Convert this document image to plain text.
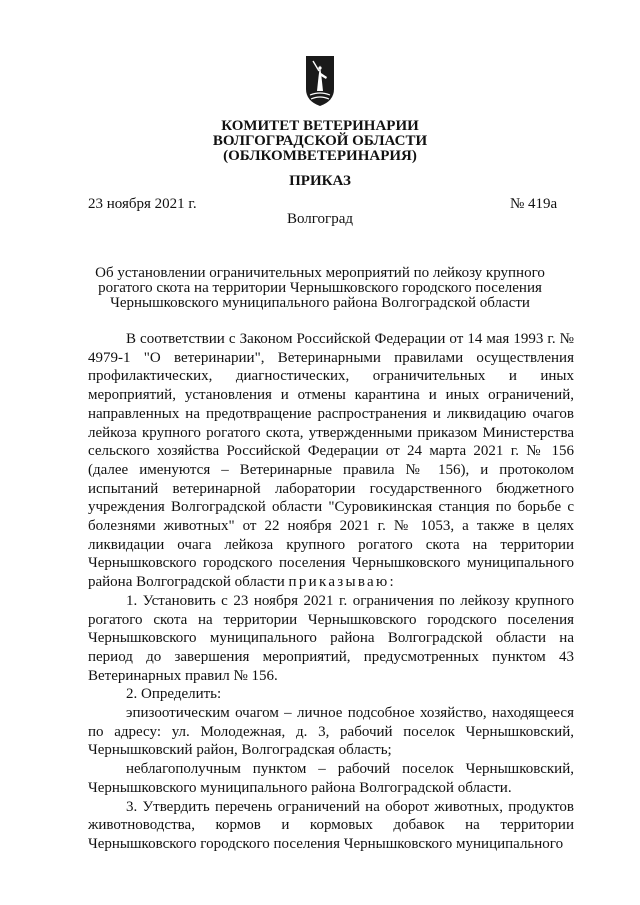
КОМИТЕТ ВЕТЕРИНАРИИ
ВОЛГОГРАДСКОЙ ОБЛАСТИ
(ОБЛКОМВЕТЕРИНАРИЯ)
ПРИКАЗ
23 ноября 2021 г.	№ 419а
Волгоград
Об установлении ограничительных мероприятий по лейкозу крупного
рогатого скота на территории Чернышковского городского поселения
Чернышковского муниципального района Волгоградской области

В соответствии с Законом Российской Федерации от 14 мая 1993 г. № 4979-1 "О ветеринарии", Ветеринарными правилами осуществления профилактических, диагностических, ограничительных и иных мероприятий, установления и отмены карантина и иных ограничений, направленных на предотвращение распространения и ликвидацию очагов лейкоза крупного рогатого скота, утвержденными приказом Министерства сельского хозяйства Российской Федерации от 24 марта 2021 г. № 156 (далее именуются – Ветеринарные правила № 156), и протоколом испытаний ветеринарной лаборатории государственного бюджетного учреждения Волгоградской области "Суровикинская станция по борьбе с болезнями животных" от 22 ноября 2021 г. № 1053, а также в целях ликвидации очага лейкоза крупного рогатого скота на территории Чернышковского городского поселения Чернышковского муниципального района Волгоградской области приказываю:

1. Установить с 23 ноября 2021 г. ограничения по лейкозу крупного рогатого скота на территории Чернышковского городского поселения Чернышковского муниципального района Волгоградской области на период до завершения мероприятий, предусмотренных пунктом 43 Ветеринарных правил № 156.

2. Определить:

эпизоотическим очагом – личное подсобное хозяйство, находящееся по адресу: ул. Молодежная, д. 3, рабочий поселок Чернышковский, Чернышковский район, Волгоградская область;

неблагополучным пунктом – рабочий поселок Чернышковский, Чернышковского муниципального района Волгоградской области.

3. Утвердить перечень ограничений на оборот животных, продуктов животноводства, кормов и кормовых добавок на территории Чернышковского городского поселения Чернышковского муниципального
